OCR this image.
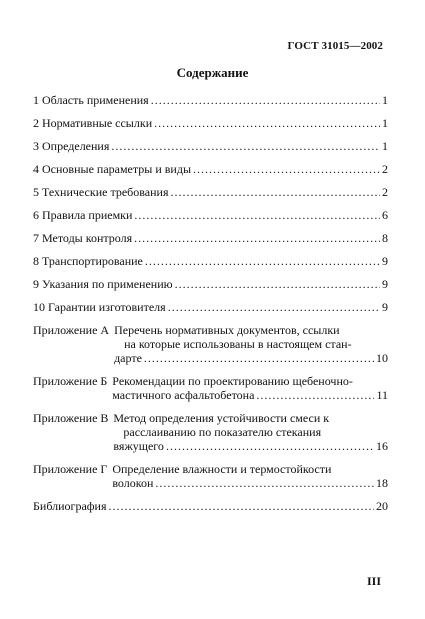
ГОСТ 31015—2002
Содержание
1 Область применения .....	1
2 Нормативные ссылки .....	1
3 Определения .....	1
4 Основные параметры и виды .....	2
5 Технические требования .....	2
6 Правила приемки .....	6
7 Методы контроля .....	8
8 Транспортирование .....	9
9 Указания по применению .....	9
10 Гарантии изготовителя .....	9
Приложение А Перечень нормативных документов, ссылки
на которые использованы в настоящем стан-
дарте .....	10
Приложение Б Рекомендации по проектированию щебеночно-
мастичного асфальтобетона .....	11
Приложение В Метод определения устойчивости смеси к
расслаиванию по показателю стекания
вяжущего .....	16
Приложение Г Определение влажности и термостойкости
волокон .....	18
Библиография .....	20
III
